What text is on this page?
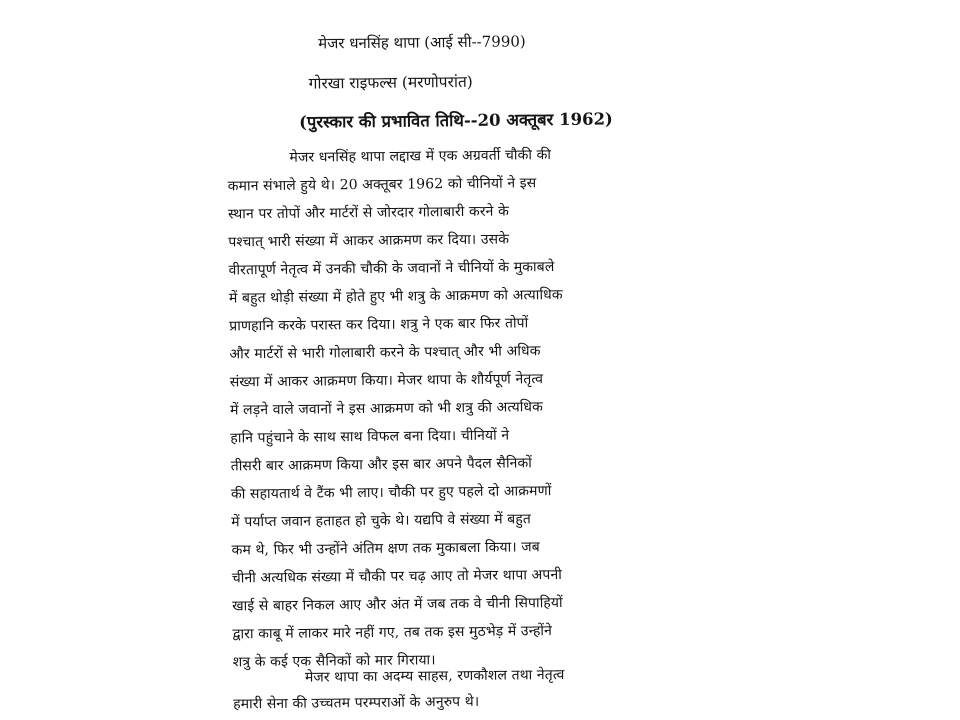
मेजर धनसिंह थापा (आई सी--7990)
गोरखा राइफल्स (मरणोपरांत)
(पुरस्कार की प्रभावित तिथि--20 अक्तूबर 1962)
मेजर धनसिंह थापा लद्दाख में एक अग्रवर्ती चौकी की
कमान संभाले हुये थे। 20 अक्तूबर 1962 को चीनियों ने इस
स्थान पर तोपों और मार्टरों से जोरदार गोलाबारी करने के
पश्चात् भारी संख्या में आकर आक्रमण कर दिया। उसके
वीरतापूर्ण नेतृत्व में उनकी चौकी के जवानों ने चीनियों के मुकाबले
में बहुत थोड़ी संख्या में होते हुए भी शत्रु के आक्रमण को अत्याधिक
प्राणहानि करके परास्त कर दिया। शत्रु ने एक बार फिर तोपों
और मार्टरों से भारी गोलाबारी करने के पश्चात् और भी अधिक
संख्या में आकर आक्रमण किया। मेजर थापा के शौर्यपूर्ण नेतृत्व
में लड़ने वाले जवानों ने इस आक्रमण को भी शत्रु की अत्यधिक
हानि पहुंचाने के साथ साथ विफल बना दिया। चीनियों ने
तीसरी बार आक्रमण किया और इस बार अपने पैदल सैनिकों
की सहायतार्थ वे टैंक भी लाए। चौकी पर हुए पहले दो आक्रमणों
में पर्याप्त जवान हताहत हो चुके थे। यद्यपि वे संख्या में बहुत
कम थे, फिर भी उन्होंने अंतिम क्षण तक मुकाबला किया। जब
चीनी अत्यधिक संख्या में चौकी पर चढ़ आए तो मेजर थापा अपनी
खाई से बाहर निकल आए और अंत में जब तक वे चीनी सिपाहियों
द्वारा काबू में लाकर मारे नहीं गए, तब तक इस मुठभेड़ में उन्होंने
शत्रु के कई एक सैनिकों को मार गिराया।
मेजर थापा का अदम्य साहस, रणकौशल तथा नेतृत्व
हमारी सेना की उच्चतम परम्पराओं के अनुरुप थे।
